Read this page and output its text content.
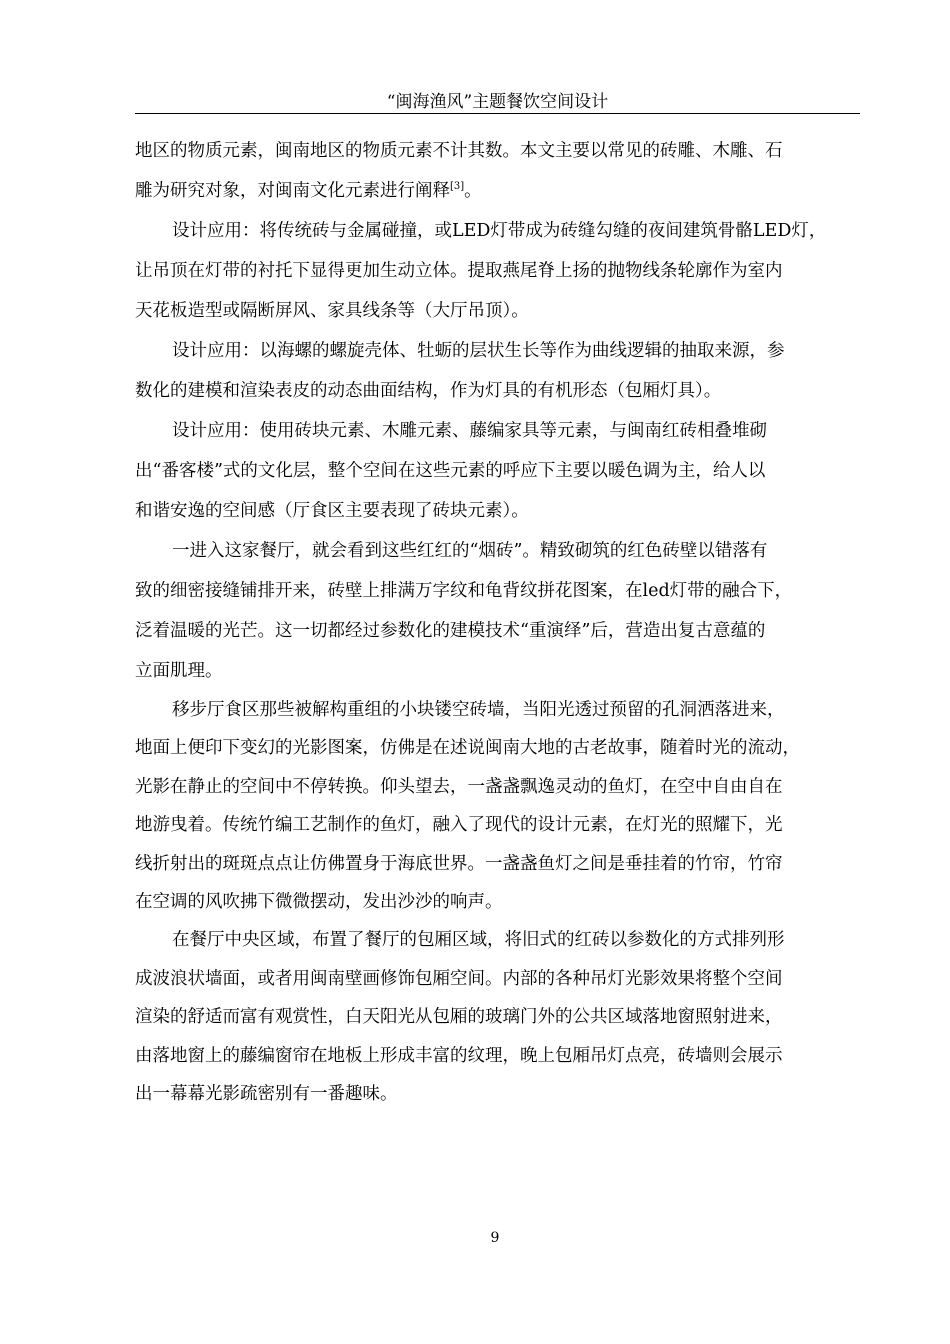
“闽海渔风”主题餐饮空间设计
地区的物质元素，闽南地区的物质元素不计其数。本文主要以常见的砖雕、木雕、石
雕为研究对象，对闽南文化元素进行阐释[3]。
设计应用：将传统砖与金属碰撞，或LED灯带成为砖缝勾缝的夜间建筑骨骼LED灯，
让吊顶在灯带的衬托下显得更加生动立体。提取燕尾脊上扬的抛物线条轮廓作为室内
天花板造型或隔断屏风、家具线条等（大厅吊顶）。
设计应用：以海螺的螺旋壳体、牡蛎的层状生长等作为曲线逻辑的抽取来源，参
数化的建模和渲染表皮的动态曲面结构，作为灯具的有机形态（包厢灯具）。
设计应用：使用砖块元素、木雕元素、藤编家具等元素，与闽南红砖相叠堆砌
出“番客楼”式的文化层，整个空间在这些元素的呼应下主要以暖色调为主，给人以
和谐安逸的空间感（厅食区主要表现了砖块元素）。
一进入这家餐厅，就会看到这些红红的“烟砖”。精致砌筑的红色砖壁以错落有
致的细密接缝铺排开来，砖壁上排满万字纹和龟背纹拼花图案，在led灯带的融合下，
泛着温暖的光芒。这一切都经过参数化的建模技术“重演绎”后，营造出复古意蕴的
立面肌理。
移步厅食区那些被解构重组的小块镂空砖墙，当阳光透过预留的孔洞洒落进来，
地面上便印下变幻的光影图案，仿佛是在述说闽南大地的古老故事，随着时光的流动，
光影在静止的空间中不停转换。仰头望去，一盏盏飘逸灵动的鱼灯，在空中自由自在
地游曳着。传统竹编工艺制作的鱼灯，融入了现代的设计元素，在灯光的照耀下，光
线折射出的斑斑点点让仿佛置身于海底世界。一盏盏鱼灯之间是垂挂着的竹帘，竹帘
在空调的风吹拂下微微摆动，发出沙沙的响声。
在餐厅中央区域，布置了餐厅的包厢区域，将旧式的红砖以参数化的方式排列形
成波浪状墙面，或者用闽南壁画修饰包厢空间。内部的各种吊灯光影效果将整个空间
渲染的舒适而富有观赏性，白天阳光从包厢的玻璃门外的公共区域落地窗照射进来，
由落地窗上的藤编窗帘在地板上形成丰富的纹理，晚上包厢吊灯点亮，砖墙则会展示
出一幕幕光影疏密别有一番趣味。
9
